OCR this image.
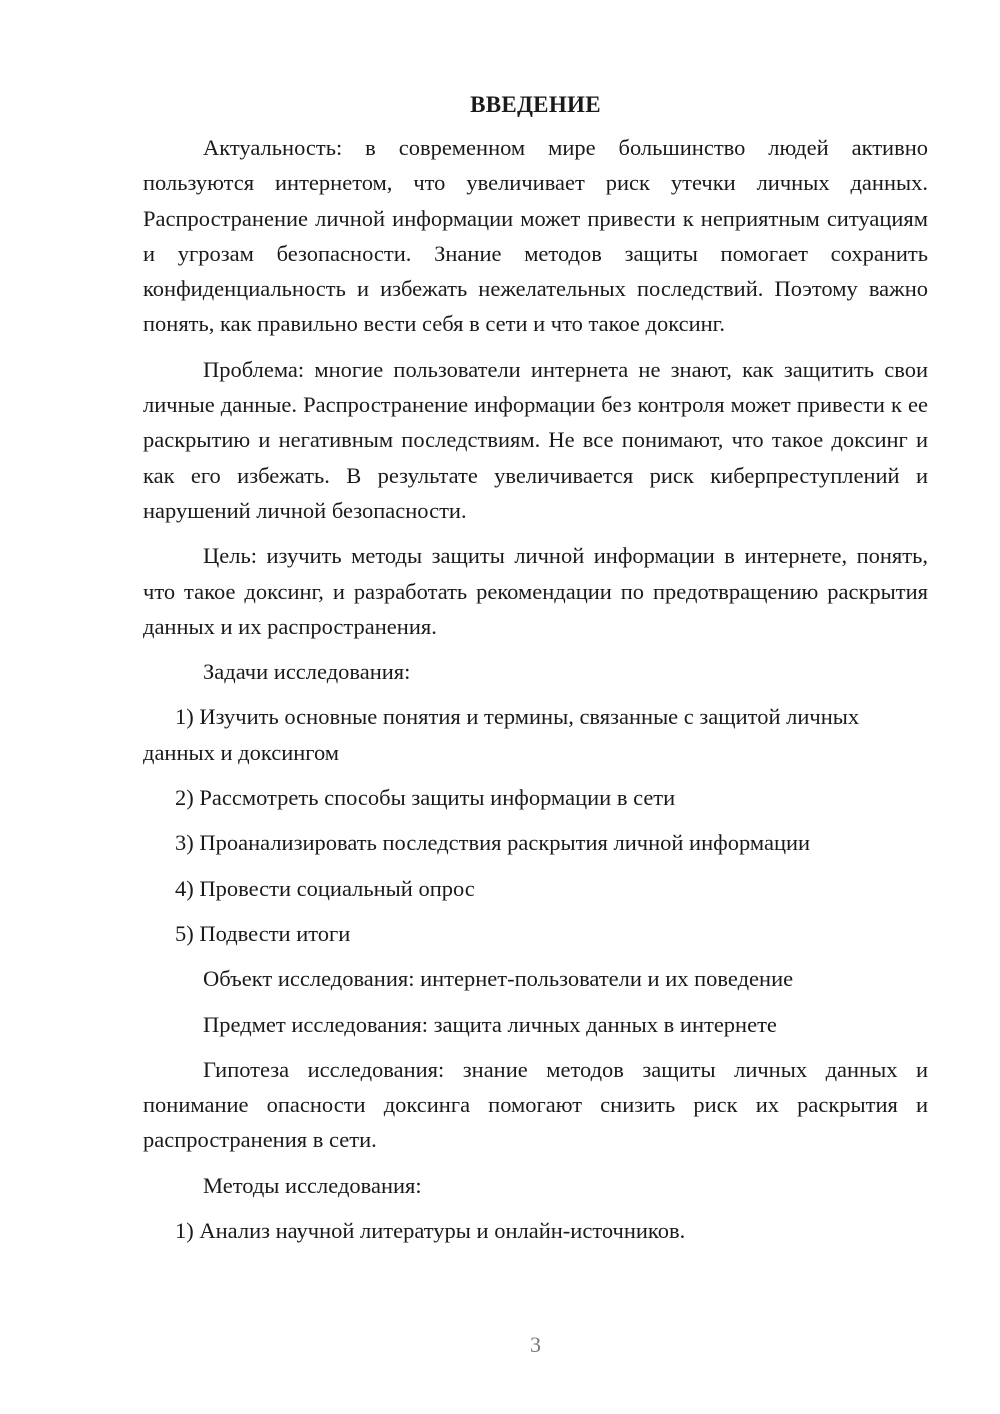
ВВЕДЕНИЕ

Актуальность: в современном мире большинство людей активно пользуются интернетом, что увеличивает риск утечки личных данных. Распространение личной информации может привести к неприятным ситуациям и угрозам безопасности. Знание методов защиты помогает сохранить конфиденциальность и избежать нежелательных последствий. Поэтому важно понять, как правильно вести себя в сети и что такое доксинг.

Проблема: многие пользователи интернета не знают, как защитить свои личные данные. Распространение информации без контроля может привести к ее раскрытию и негативным последствиям. Не все понимают, что такое доксинг и как его избежать. В результате увеличивается риск киберпреступлений и нарушений личной безопасности.

Цель: изучить методы защиты личной информации в интернете, понять, что такое доксинг, и разработать рекомендации по предотвращению раскрытия данных и их распространения.

Задачи исследования:

1) Изучить основные понятия и термины, связанные с защитой личных данных и доксингом

2) Рассмотреть способы защиты информации в сети

3) Проанализировать последствия раскрытия личной информации

4) Провести социальный опрос

5) Подвести итоги

Объект исследования: интернет-пользователи и их поведение

Предмет исследования: защита личных данных в интернете

Гипотеза исследования: знание методов защиты личных данных и понимание опасности доксинга помогают снизить риск их раскрытия и распространения в сети.

Методы исследования:

1) Анализ научной литературы и онлайн-источников.

3
